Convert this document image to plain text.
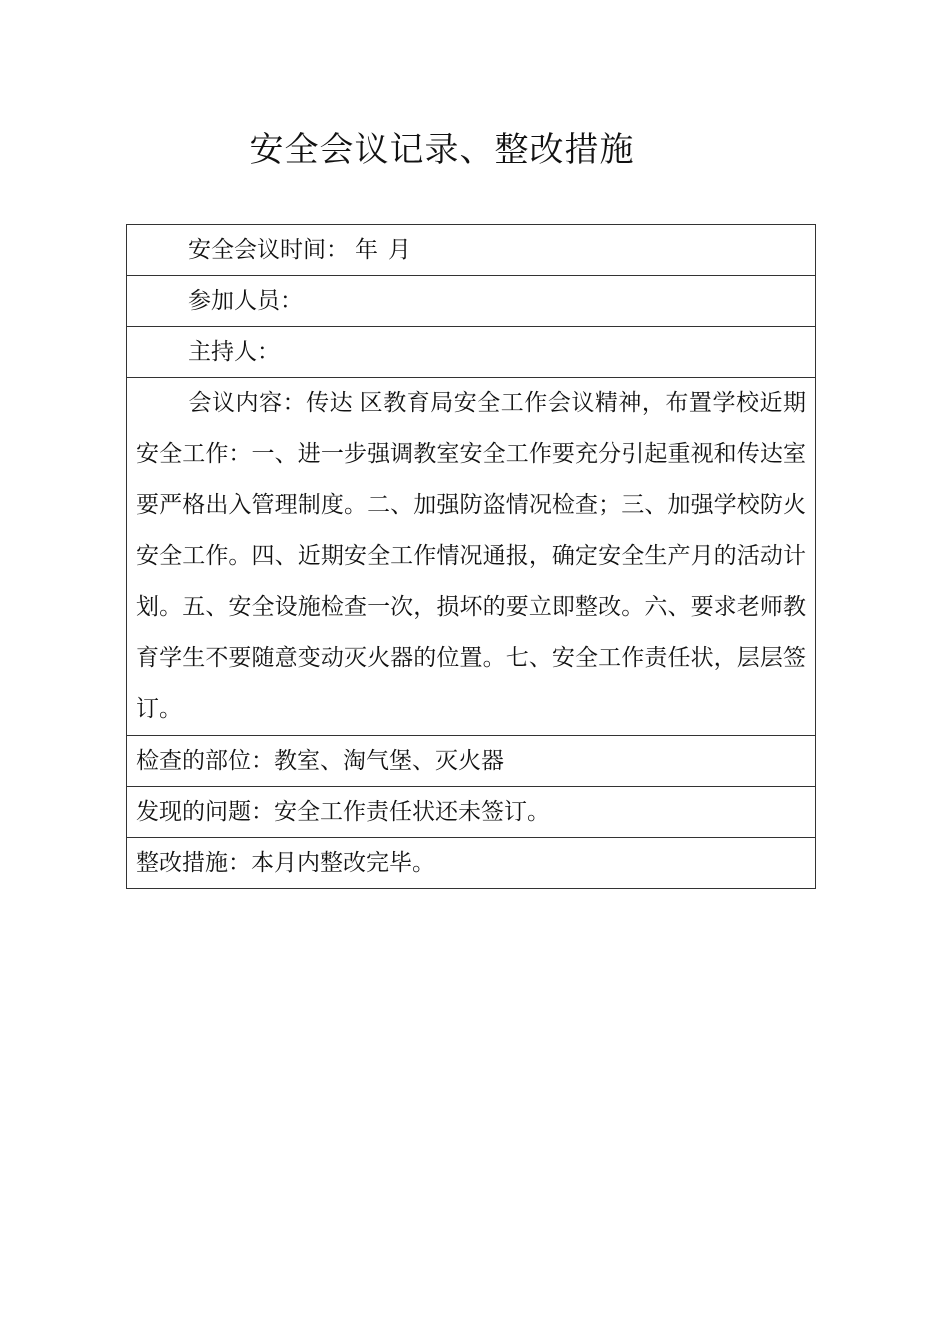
安全会议记录、整改措施
安全会议时间： 年 月
参加人员：
主持人：
会议内容：传达 区教育局安全工作会议精神，布置学校近期安全工作：一、进一步强调教室安全工作要充分引起重视和传达室要严格出入管理制度。二、加强防盗情况检查；三、加强学校防火安全工作。四、近期安全工作情况通报，确定安全生产月的活动计划。五、安全设施检查一次，损坏的要立即整改。六、要求老师教育学生不要随意变动灭火器的位置。七、安全工作责任状，层层签订。
检查的部位：教室、淘气堡、灭火器
发现的问题：安全工作责任状还未签订。
整改措施：本月内整改完毕。
